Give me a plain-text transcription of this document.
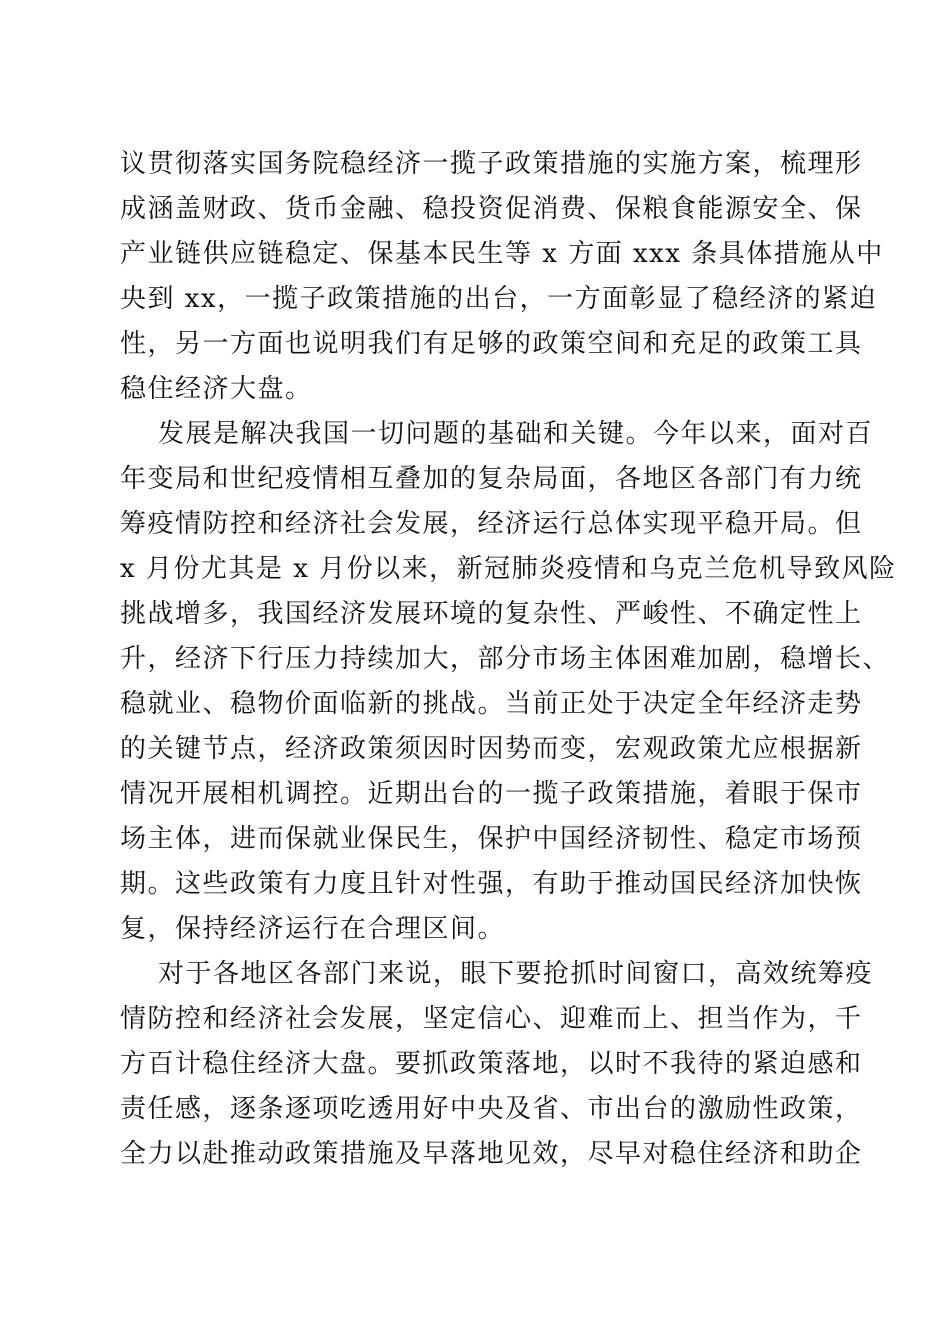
议贯彻落实国务院稳经济一揽子政策措施的实施方案，梳理形
成涵盖财政、货币金融、稳投资促消费、保粮食能源安全、保
产业链供应链稳定、保基本民生等 x 方面 xxx 条具体措施从中
央到 xx，一揽子政策措施的出台，一方面彰显了稳经济的紧迫
性，另一方面也说明我们有足够的政策空间和充足的政策工具
稳住经济大盘。
发展是解决我国一切问题的基础和关键。今年以来，面对百
年变局和世纪疫情相互叠加的复杂局面，各地区各部门有力统
筹疫情防控和经济社会发展，经济运行总体实现平稳开局。但
x 月份尤其是 x 月份以来，新冠肺炎疫情和乌克兰危机导致风险
挑战增多，我国经济发展环境的复杂性、严峻性、不确定性上
升，经济下行压力持续加大，部分市场主体困难加剧，稳增长、
稳就业、稳物价面临新的挑战。当前正处于决定全年经济走势
的关键节点，经济政策须因时因势而变，宏观政策尤应根据新
情况开展相机调控。近期出台的一揽子政策措施，着眼于保市
场主体，进而保就业保民生，保护中国经济韧性、稳定市场预
期。这些政策有力度且针对性强，有助于推动国民经济加快恢
复，保持经济运行在合理区间。
对于各地区各部门来说，眼下要抢抓时间窗口，高效统筹疫
情防控和经济社会发展，坚定信心、迎难而上、担当作为，千
方百计稳住经济大盘。要抓政策落地，以时不我待的紧迫感和
责任感，逐条逐项吃透用好中央及省、市出台的激励性政策，
全力以赴推动政策措施及早落地见效，尽早对稳住经济和助企
